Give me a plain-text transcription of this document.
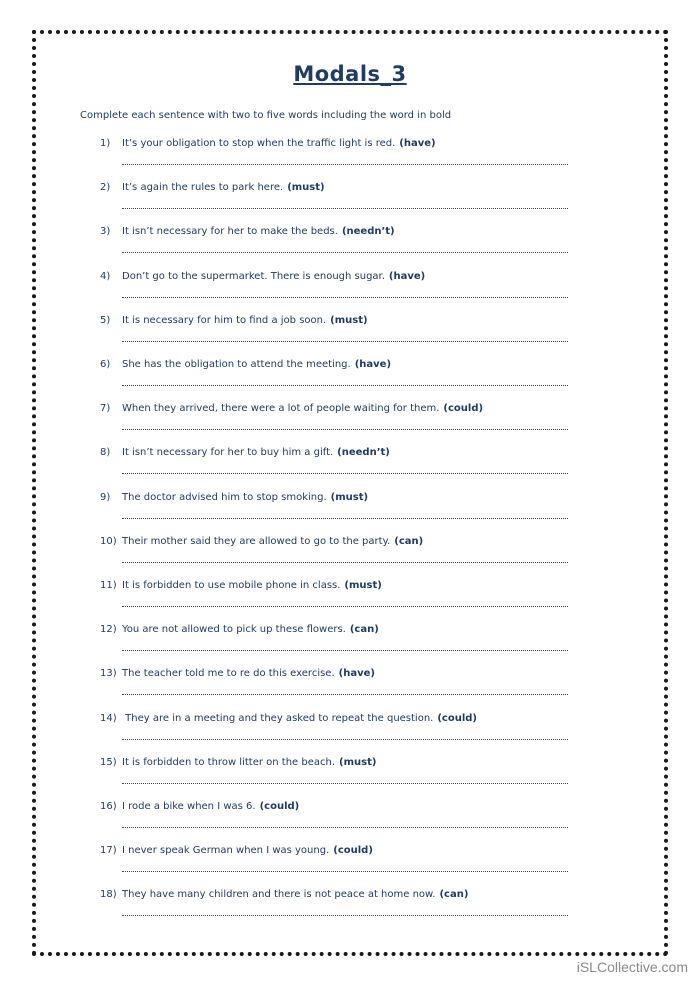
Modals_3
Complete each sentence with two to five words including the word in bold
1) It’s your obligation to stop when the traffic light is red. (have)
2) It’s again the rules to park here. (must)
3) It isn’t necessary for her to make the beds. (needn’t)
4) Don’t go to the supermarket. There is enough sugar. (have)
5) It is necessary for him to find a job soon. (must)
6) She has the obligation to attend the meeting. (have)
7) When they arrived, there were a lot of people waiting for them. (could)
8) It isn’t necessary for her to buy him a gift. (needn’t)
9) The doctor advised him to stop smoking. (must)
10) Their mother said they are allowed to go to the party. (can)
11) It is forbidden to use mobile phone in class. (must)
12) You are not allowed to pick up these flowers. (can)
13) The teacher told me to re do this exercise. (have)
14) They are in a meeting and they asked to repeat the question. (could)
15) It is forbidden to throw litter on the beach. (must)
16) I rode a bike when I was 6. (could)
17) I never speak German when I was young. (could)
18) They have many children and there is not peace at home now. (can)
iSLCollective.com
